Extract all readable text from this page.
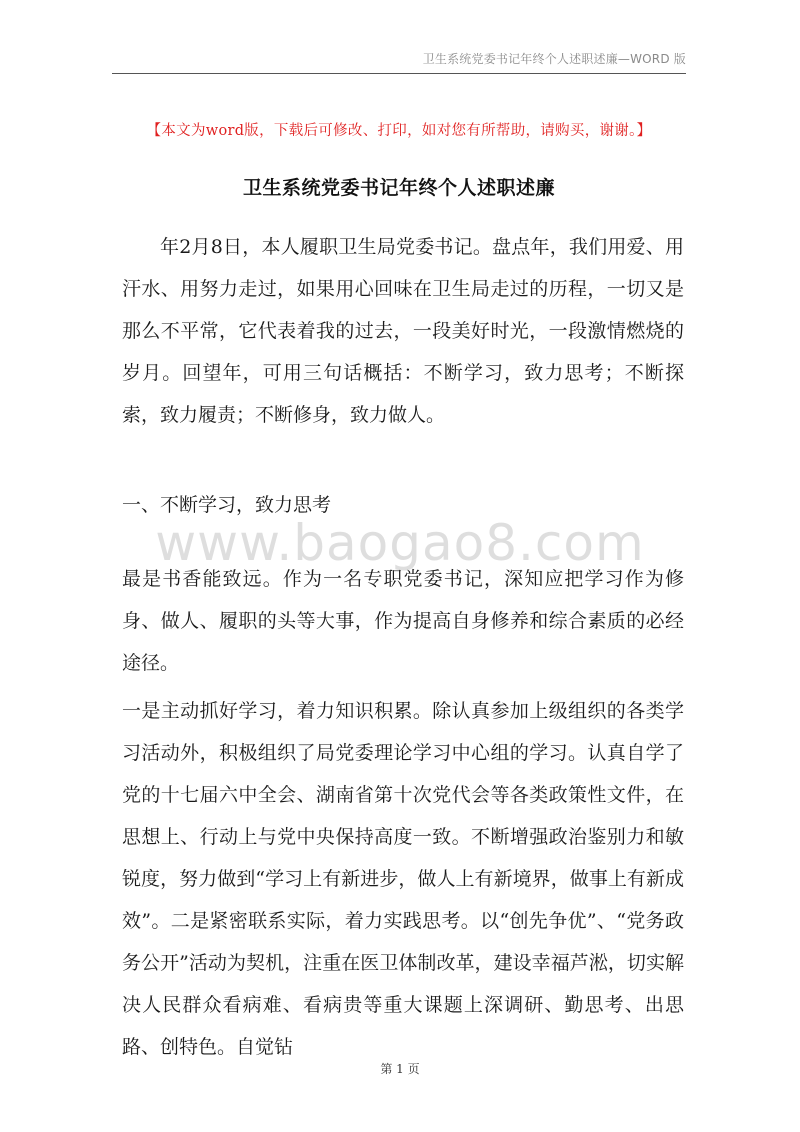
卫生系统党委书记年终个人述职述廉—WORD 版
【本文为word版，下载后可修改、打印，如对您有所帮助，请购买，谢谢。】
卫生系统党委书记年终个人述职述廉
年2月8日，本人履职卫生局党委书记。盘点年，我们用爱、用汗水、用努力走过，如果用心回味在卫生局走过的历程，一切又是那么不平常，它代表着我的过去，一段美好时光，一段激情燃烧的岁月。回望年，可用三句话概括：不断学习，致力思考；不断探索，致力履责；不断修身，致力做人。
一、不断学习，致力思考
www.baogao8.com
最是书香能致远。作为一名专职党委书记，深知应把学习作为修身、做人、履职的头等大事，作为提高自身修养和综合素质的必经途径。
一是主动抓好学习，着力知识积累。除认真参加上级组织的各类学习活动外，积极组织了局党委理论学习中心组的学习。认真自学了党的十七届六中全会、湖南省第十次党代会等各类政策性文件，在思想上、行动上与党中央保持高度一致。不断增强政治鉴别力和敏锐度，努力做到“学习上有新进步，做人上有新境界，做事上有新成效”。二是紧密联系实际，着力实践思考。以“创先争优”、“党务政务公开”活动为契机，注重在医卫体制改革，建设幸福芦淞，切实解决人民群众看病难、看病贵等重大课题上深调研、勤思考、出思路、创特色。自觉钻
第 1 页
